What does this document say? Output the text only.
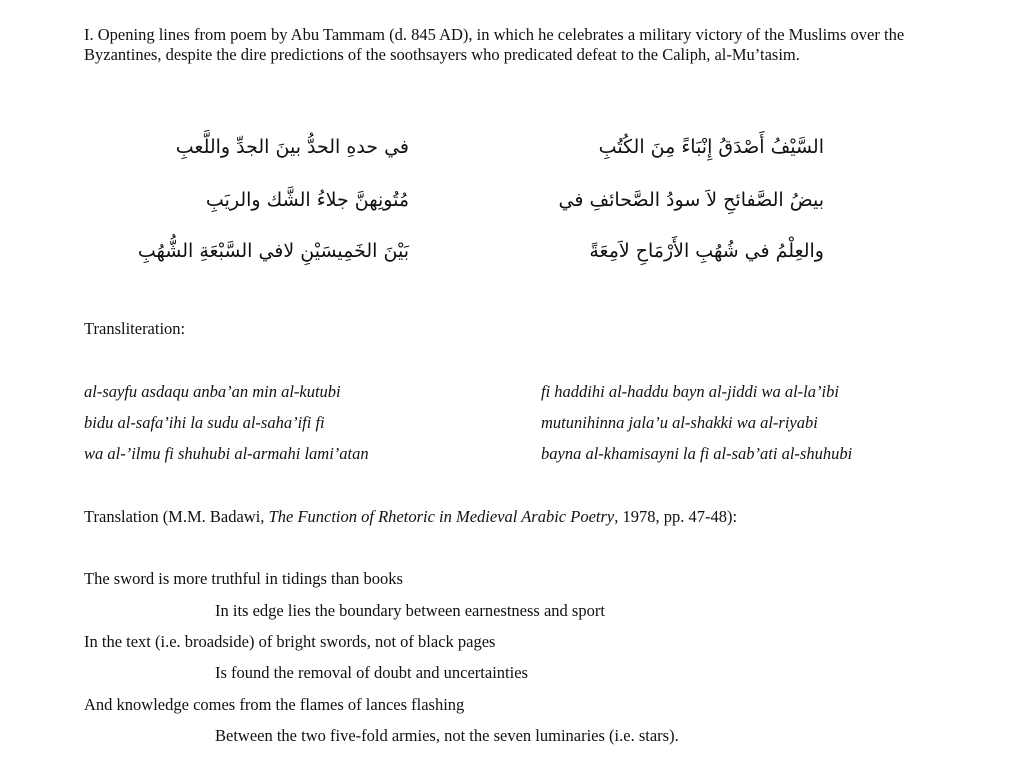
I. Opening lines from poem by Abu Tammam (d. 845 AD), in which he celebrates a military victory of the Muslims over the Byzantines, despite the dire predictions of the soothsayers who predicated defeat to the Caliph, al-Mu’tasim.

السَّيْفُ أَصْدَقُ إِنْبَاءً مِنَ الكُتُبِ

بيضُ الصَّفائحِ لاَ سودُ الصَّحائفِ في

والعِلْمُ في شُهُبِ الأَرْمَاحِ لاَمِعَةً

في حدهِ الحدُّ بينَ الجدِّ واللَّعبِ

مُتُونِهنَّ جلاءُ الشَّك والريَبِ

بَيْنَ الخَمِيسَيْنِ لافي السَّبْعَةِ الشُّهُبِ

Transliteration:

al-sayfu asdaqu anba’an min al-kutubi

bidu al-safa’ihi la sudu al-saha’ifi fi

wa al-’ilmu fi shuhubi al-armahi lami’atan

fi haddihi al-haddu bayn al-jiddi wa al-la’ibi

mutunihinna jala’u al-shakki wa al-riyabi

bayna al-khamisayni la fi al-sab’ati al-shuhubi

Translation (M.M. Badawi, The Function of Rhetoric in Medieval Arabic Poetry, 1978, pp. 47-48):

The sword is more truthful in tidings than books

In its edge lies the boundary between earnestness and sport

In the text (i.e. broadside) of bright swords, not of black pages

Is found the removal of doubt and uncertainties

And knowledge comes from the flames of lances flashing

Between the two five-fold armies, not the seven luminaries (i.e. stars).
